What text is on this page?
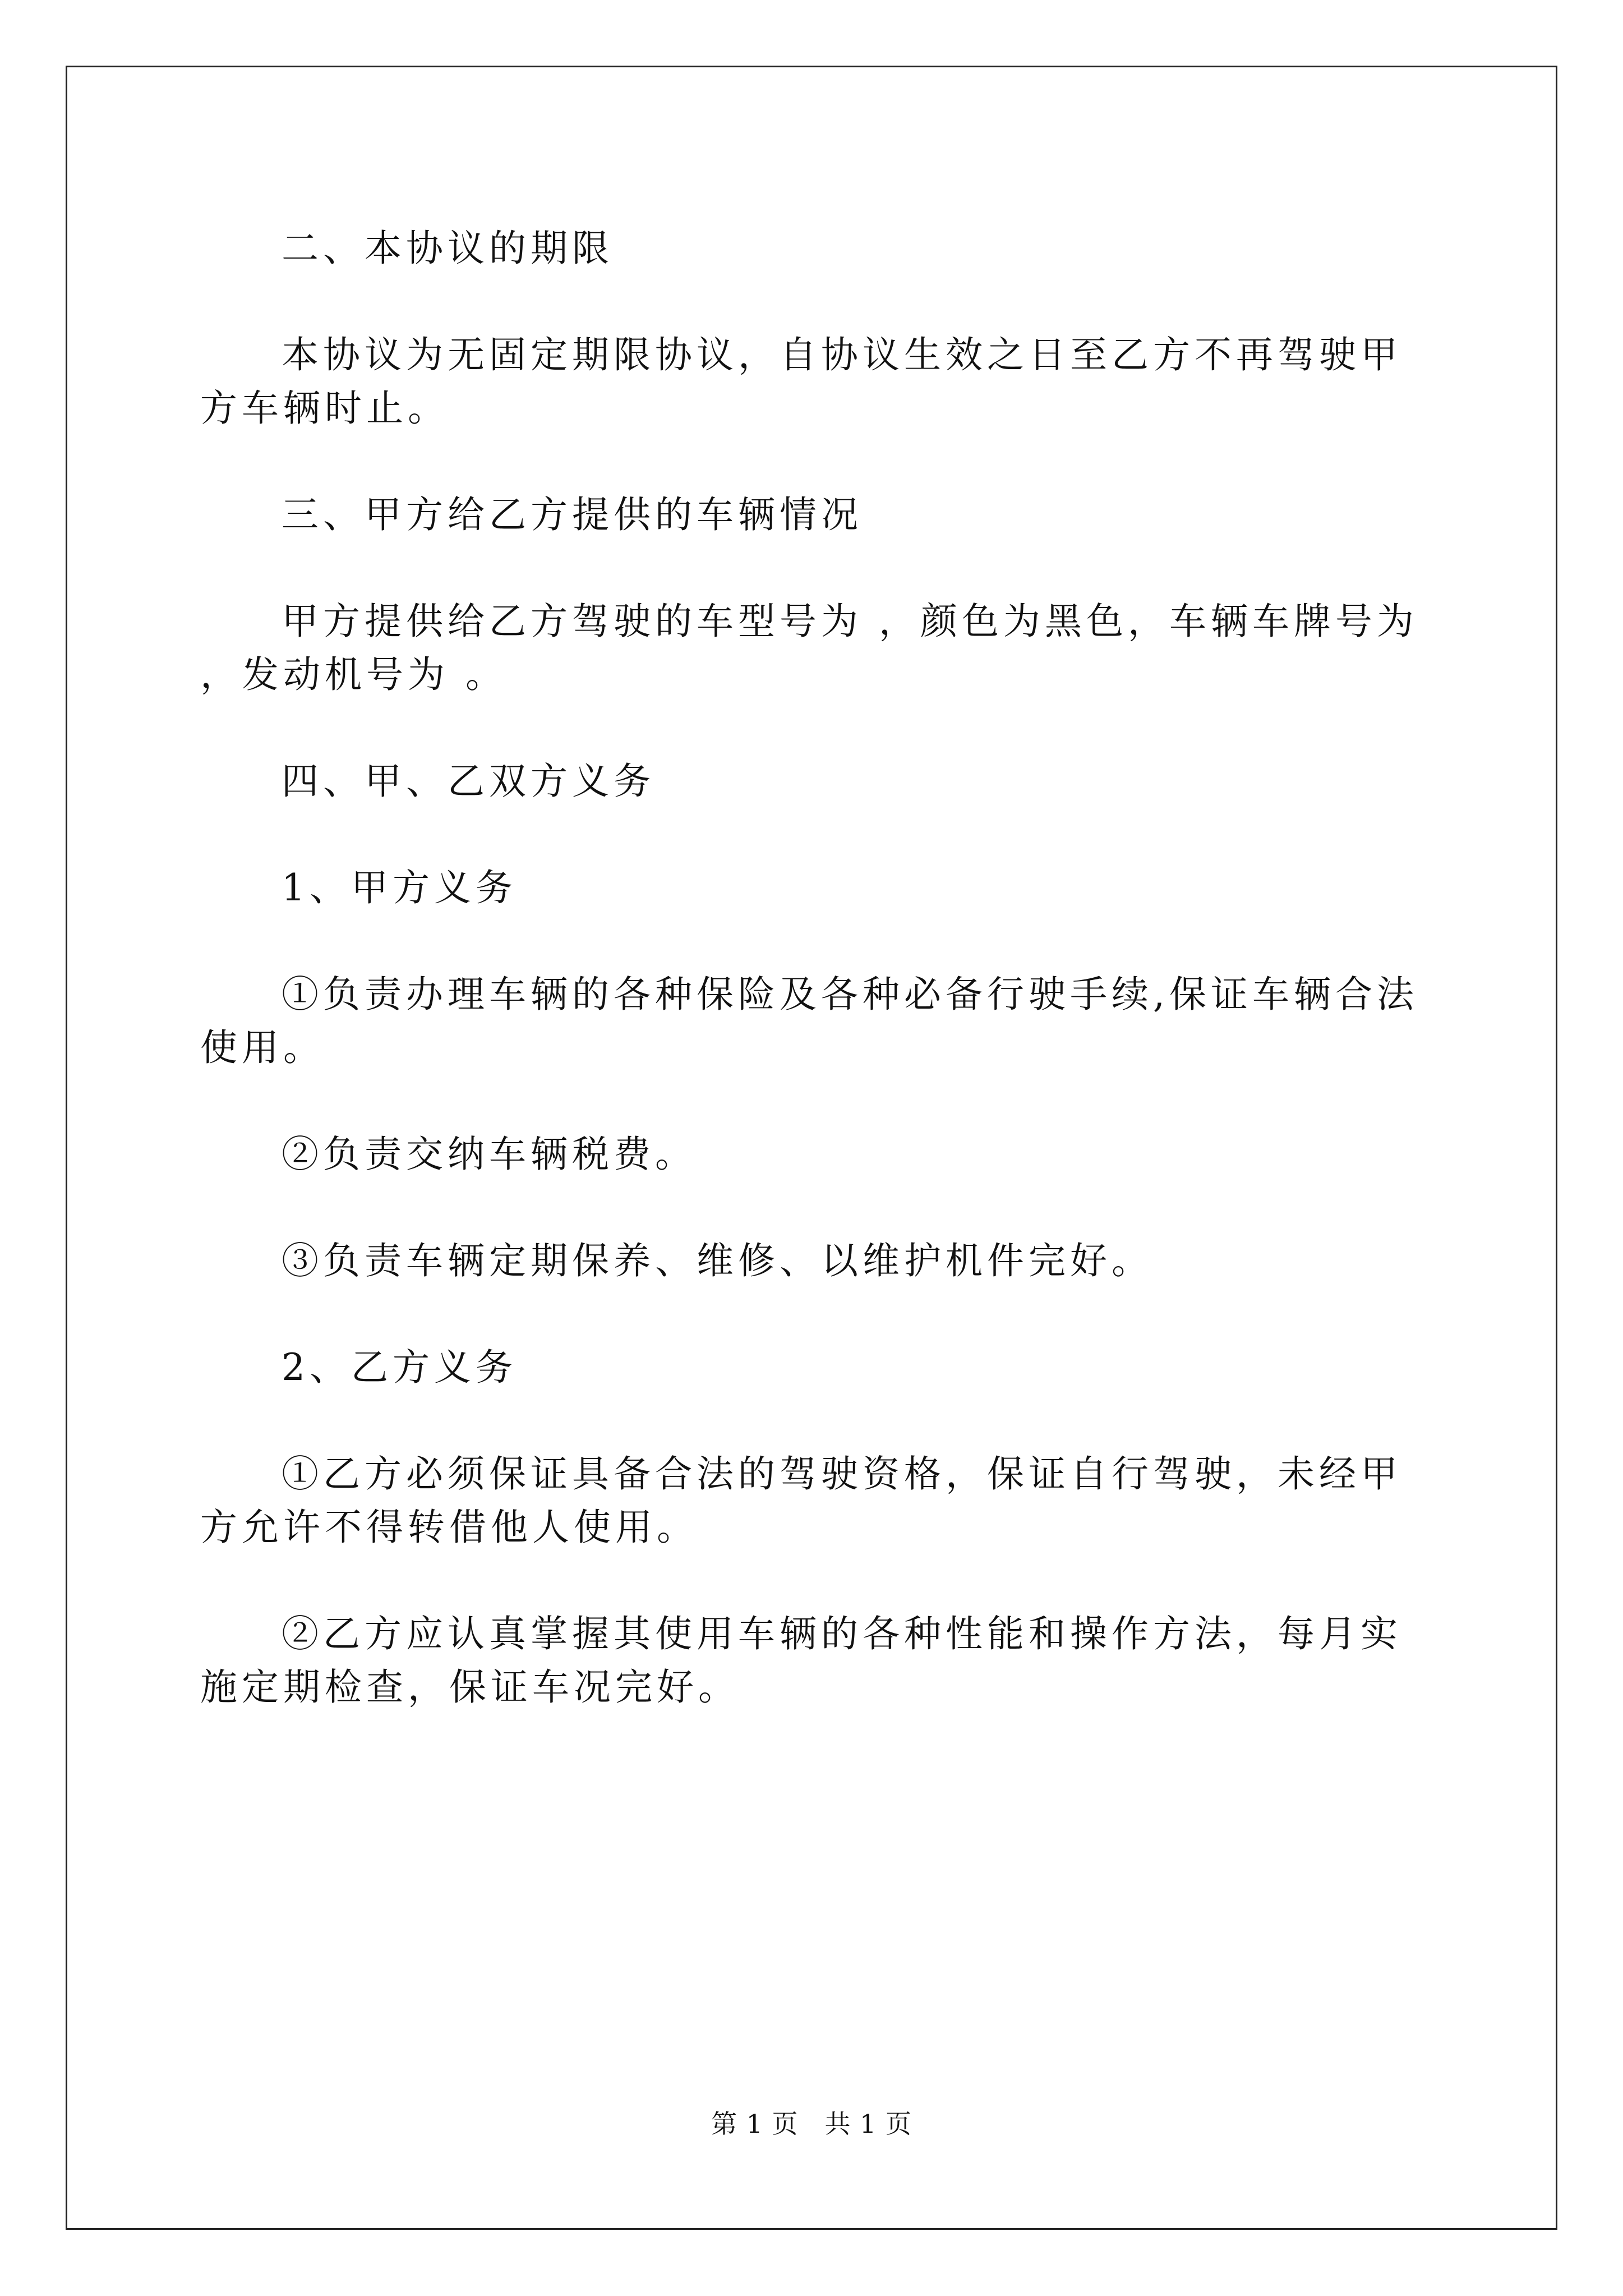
二、本协议的期限

本协议为无固定期限协议，自协议生效之日至乙方不再驾驶甲方车辆时止。

三、甲方给乙方提供的车辆情况

甲方提供给乙方驾驶的车型号为 ，颜色为黑色，车辆车牌号为 ，发动机号为 。

四、甲、乙双方义务

1、甲方义务

①负责办理车辆的各种保险及各种必备行驶手续,保证车辆合法使用。

②负责交纳车辆税费。

③负责车辆定期保养、维修、以维护机件完好。

2、乙方义务

①乙方必须保证具备合法的驾驶资格，保证自行驾驶，未经甲方允许不得转借他人使用。

②乙方应认真掌握其使用车辆的各种性能和操作方法，每月实施定期检查，保证车况完好。

第 1 页 共 1 页
